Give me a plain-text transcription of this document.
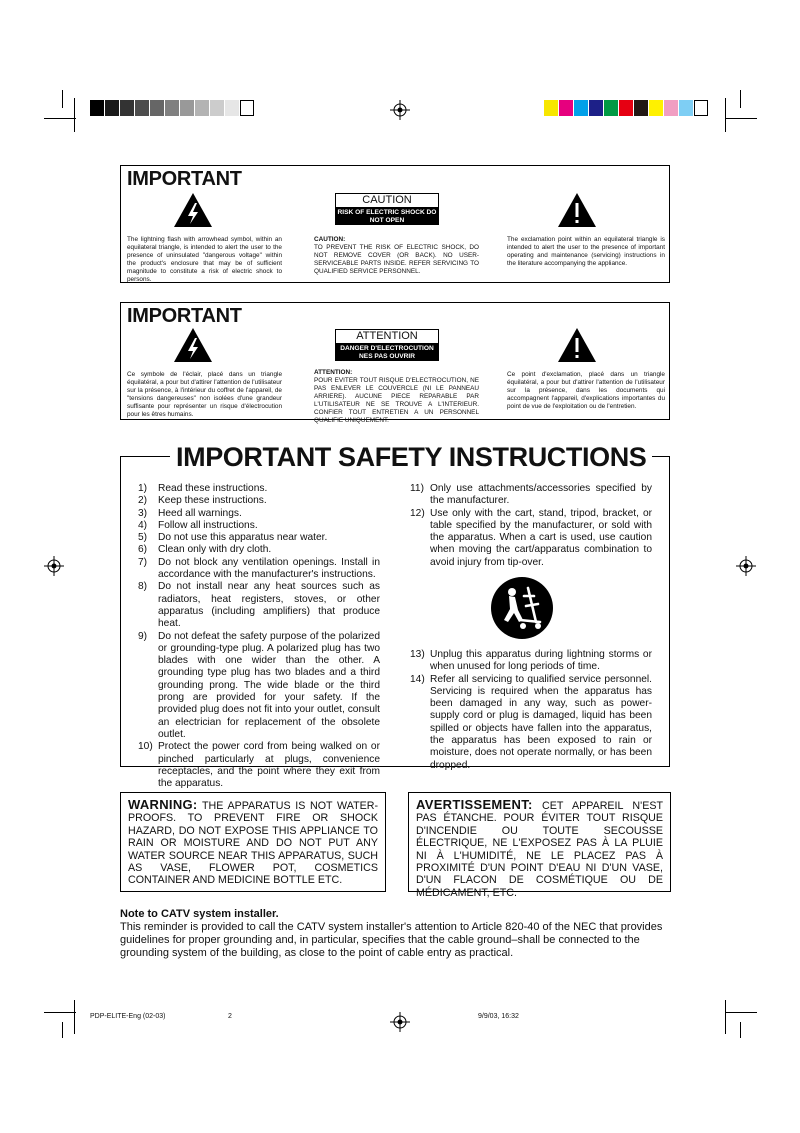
IMPORTANT
CAUTION
RISK OF ELECTRIC SHOCK DO NOT OPEN
The lightning flash with arrowhead symbol, within an equilateral triangle, is intended to alert the user to the presence of uninsulated "dangerous voltage" within the product's enclosure that may be of sufficient magnitude to constitute a risk of electric shock to persons.
CAUTION:
TO PREVENT THE RISK OF ELECTRIC SHOCK, DO NOT REMOVE COVER (OR BACK). NO USER-SERVICEABLE PARTS INSIDE. REFER SERVICING TO QUALIFIED SERVICE PERSONNEL.
The exclamation point within an equilateral triangle is intended to alert the user to the presence of important operating and maintenance (servicing) instructions in the literature accompanying the appliance.
IMPORTANT
ATTENTION
DANGER D'ELECTROCUTION NES PAS OUVRIR
Ce symbole de l'éclair, placé dans un triangle équilatéral, a pour but d'attirer l'attention de l'utilisateur sur la présence, à l'intérieur du coffret de l'appareil, de "tensions dangereuses" non isolées d'une grandeur suffisante pour représenter un risque d'électrocution pour les êtres humains.
ATTENTION:
POUR EVITER TOUT RISQUE D'ELECTROCUTION, NE PAS ENLEVER LE COUVERCLE (NI LE PANNEAU ARRIERE). AUCUNE PIECE REPARABLE PAR L'UTILISATEUR NE SE TROUVE A L'INTERIEUR. CONFIER TOUT ENTRETIEN A UN PERSONNEL QUALIFIE UNIQUEMENT.
Ce point d'exclamation, placé dans un triangle équilatéral, a pour but d'attirer l'attention de l'utilisateur sur la présence, dans les documents qui accompagnent l'appareil, d'explications importantes du point de vue de l'exploitation ou de l'entretien.
IMPORTANT SAFETY INSTRUCTIONS
1)	Read these instructions.
2)	Keep these instructions.
3)	Heed all warnings.
4)	Follow all instructions.
5)	Do not use this apparatus near water.
6)	Clean only with dry cloth.
7)	Do not block any ventilation openings. Install in accordance with the manufacturer's instructions.
8)	Do not install near any heat sources such as radiators, heat registers, stoves, or other apparatus (including amplifiers) that produce heat.
9)	Do not defeat the safety purpose of the polarized or grounding-type plug. A polarized plug has two blades with one wider than the other. A grounding type plug has two blades and a third grounding prong. The wide blade or the third prong are provided for your safety. If the provided plug does not fit into your outlet, consult an electrician for replacement of the obsolete outlet.
10) Protect the power cord from being walked on or pinched particularly at plugs, convenience receptacles, and the point where they exit from the apparatus.
11) Only use attachments/accessories specified by the manufacturer.
12) Use only with the cart, stand, tripod, bracket, or table specified by the manufacturer, or sold with the apparatus. When a cart is used, use caution when moving the cart/apparatus combination to avoid injury from tip-over.
13) Unplug this apparatus during lightning storms or when unused for long periods of time.
14) Refer all servicing to qualified service personnel. Servicing is required when the apparatus has been damaged in any way, such as power-supply cord or plug is damaged, liquid has been spilled or objects have fallen into the apparatus, the apparatus has been exposed to rain or moisture, does not operate normally, or has been dropped.
WARNING: THE APPARATUS IS NOT WATER-PROOFS. TO PREVENT FIRE OR SHOCK HAZARD, DO NOT EXPOSE THIS APPLIANCE TO RAIN OR MOISTURE AND DO NOT PUT ANY WATER SOURCE NEAR THIS APPARATUS, SUCH AS VASE, FLOWER POT, COSMETICS CONTAINER AND MEDICINE BOTTLE ETC.
AVERTISSEMENT: CET APPAREIL N'EST PAS ÉTANCHE. POUR ÉVITER TOUT RISQUE D'INCENDIE OU TOUTE SECOUSSE ÉLECTRIQUE, NE L'EXPOSEZ PAS À LA PLUIE NI À L'HUMIDITÉ, NE LE PLACEZ PAS À PROXIMITÉ D'UN POINT D'EAU NI D'UN VASE, D'UN FLACON DE COSMÉTIQUE OU DE MÉDICAMENT, ETC.
Note to CATV system installer.
This reminder is provided to call the CATV system installer's attention to Article 820-40 of the NEC that provides guidelines for proper grounding and, in particular, specifies that the cable ground–shall be connected to the grounding system of the building, as close to the point of cable entry as practical.
PDP-ELITE-Eng (02-03)	2	9/9/03, 16:32
